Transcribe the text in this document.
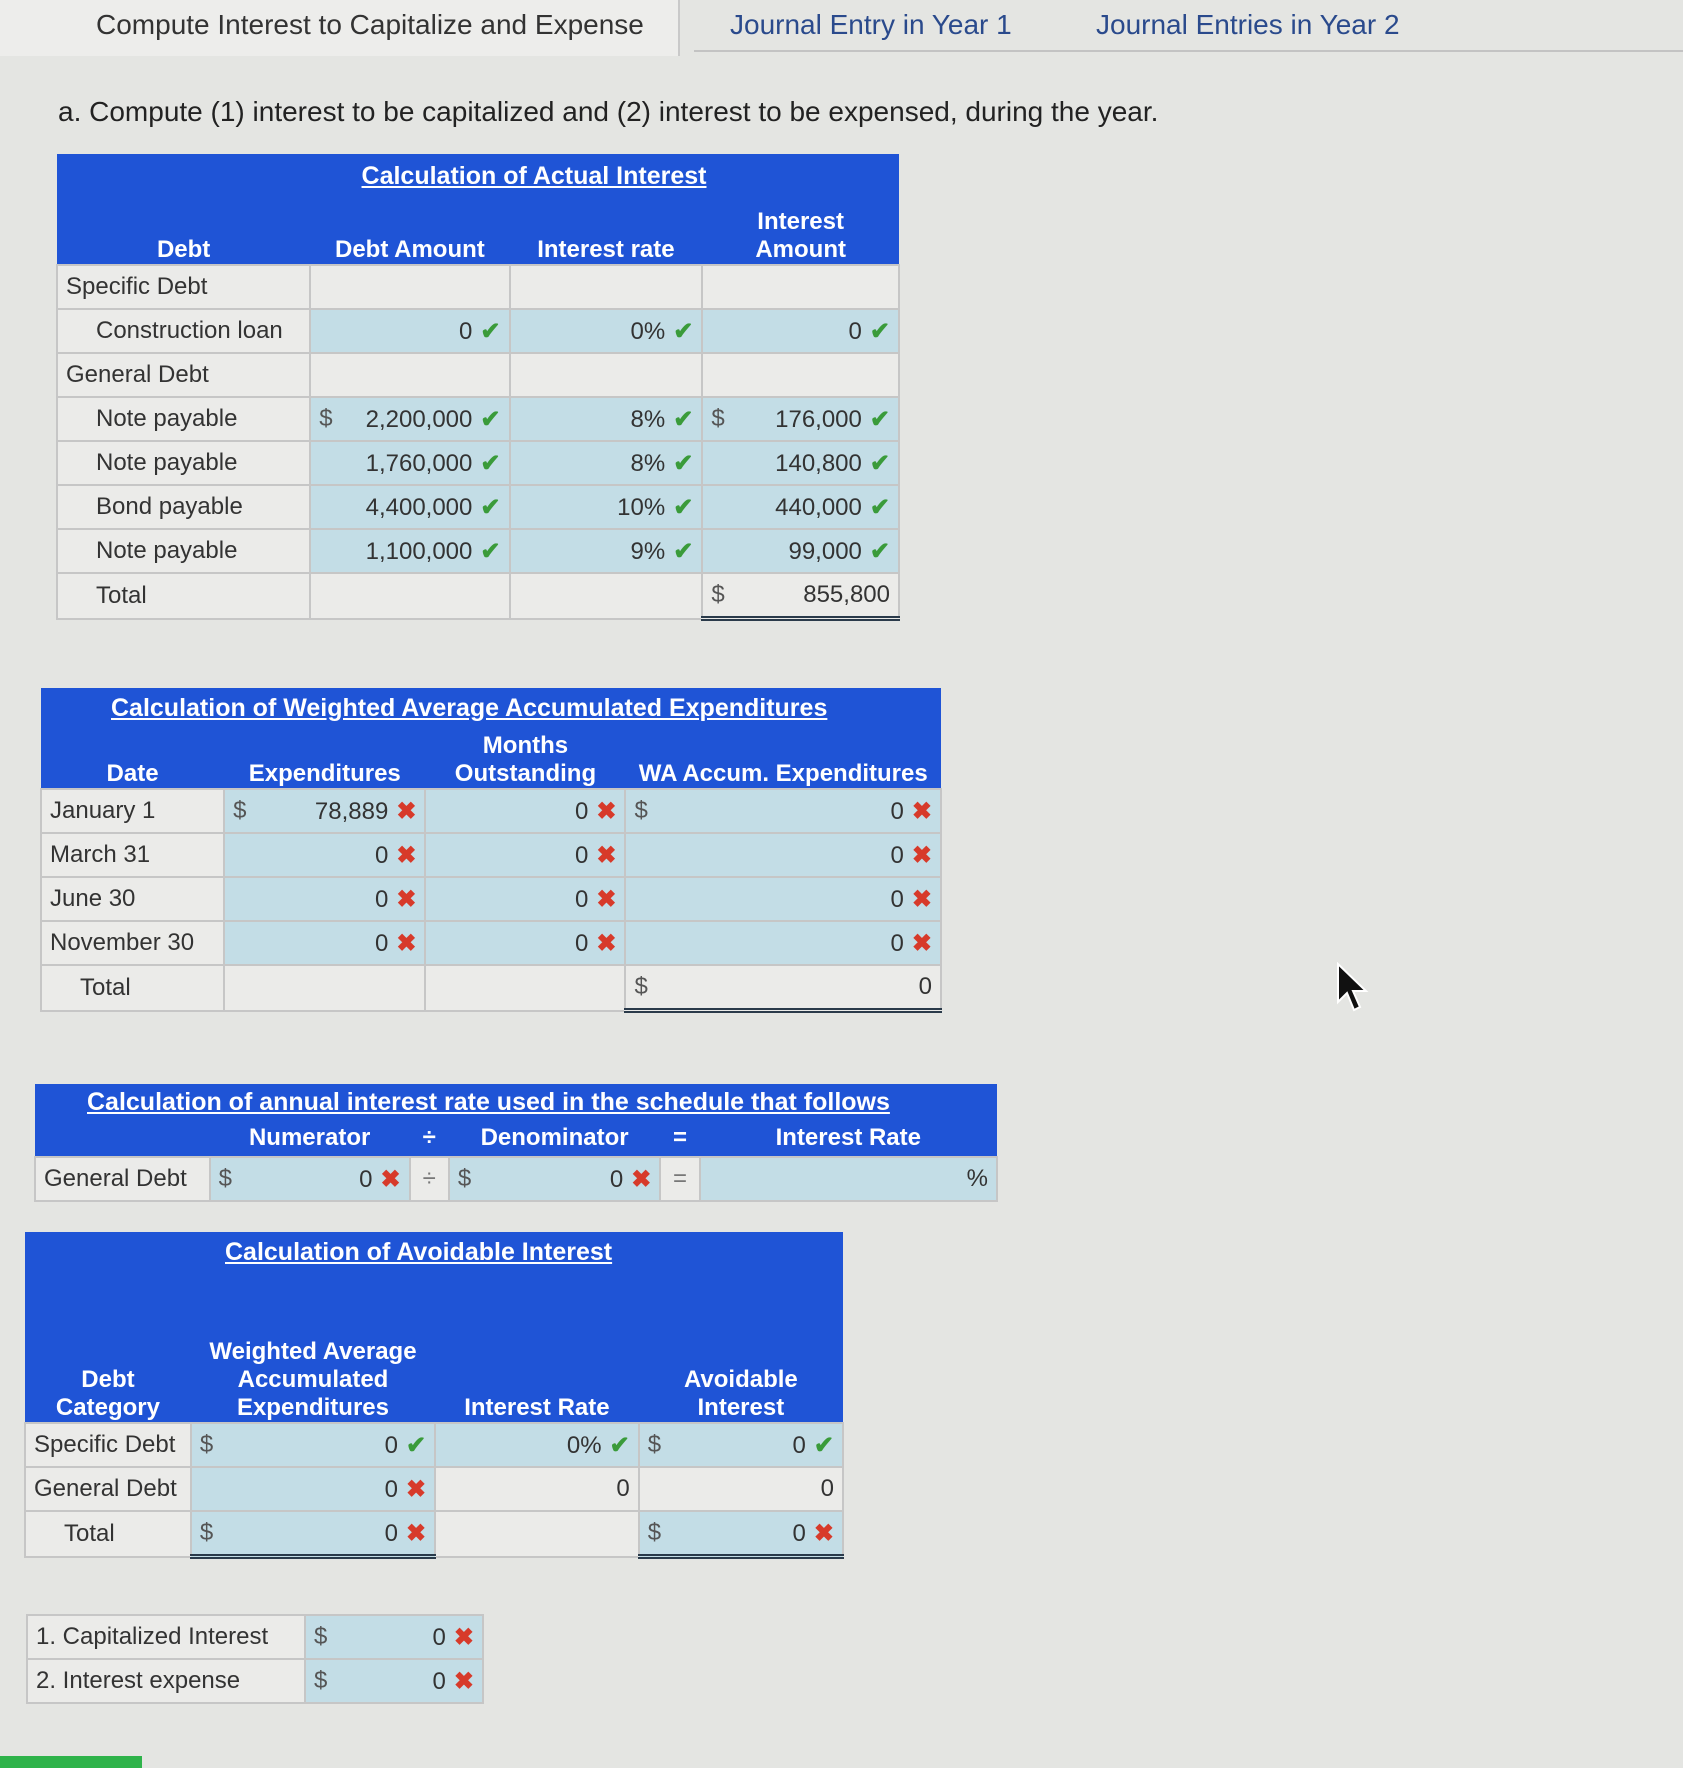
Compute Interest to Capitalize and Expense	Journal Entry in Year 1	Journal Entries in Year 2
a. Compute (1) interest to be capitalized and (2) interest to be expensed, during the year.
Calculation of Actual Interest			
Debt	Debt Amount	Interest rate	Interest Amount
Specific Debt			
Construction loan	0 ✔	0% ✔	0 ✔
General Debt			
Note payable	$ 2,200,000 ✔	8% ✔	$ 176,000 ✔
Note payable	1,760,000 ✔	8% ✔	140,800 ✔
Bond payable	4,400,000 ✔	10% ✔	440,000 ✔
Note payable	1,100,000 ✔	9% ✔	99,000 ✔
Total			$ 855,800
Calculation of Weighted Average Accumulated Expenditures			
Date	Expenditures	Months Outstanding	WA Accum. Expenditures
January 1	$ 78,889 ✖	0 ✖	$ 0 ✖
March 31	0 ✖	0 ✖	0 ✖
June 30	0 ✖	0 ✖	0 ✖
November 30	0 ✖	0 ✖	0 ✖
Total			$ 0
Calculation of annual interest rate used in the schedule that follows					
	Numerator	÷	Denominator	=	Interest Rate
General Debt	$ 0 ✖	÷	$ 0 ✖	=	%
Calculation of Avoidable Interest			
Debt Category	Weighted Average Accumulated Expenditures	Interest Rate	Avoidable Interest
Specific Debt	$ 0 ✔	0% ✔	$ 0 ✔
General Debt	0 ✖	0	0
Total	$ 0 ✖		$ 0 ✖
1. Capitalized Interest	$ 0 ✖
2. Interest expense	$ 0 ✖
